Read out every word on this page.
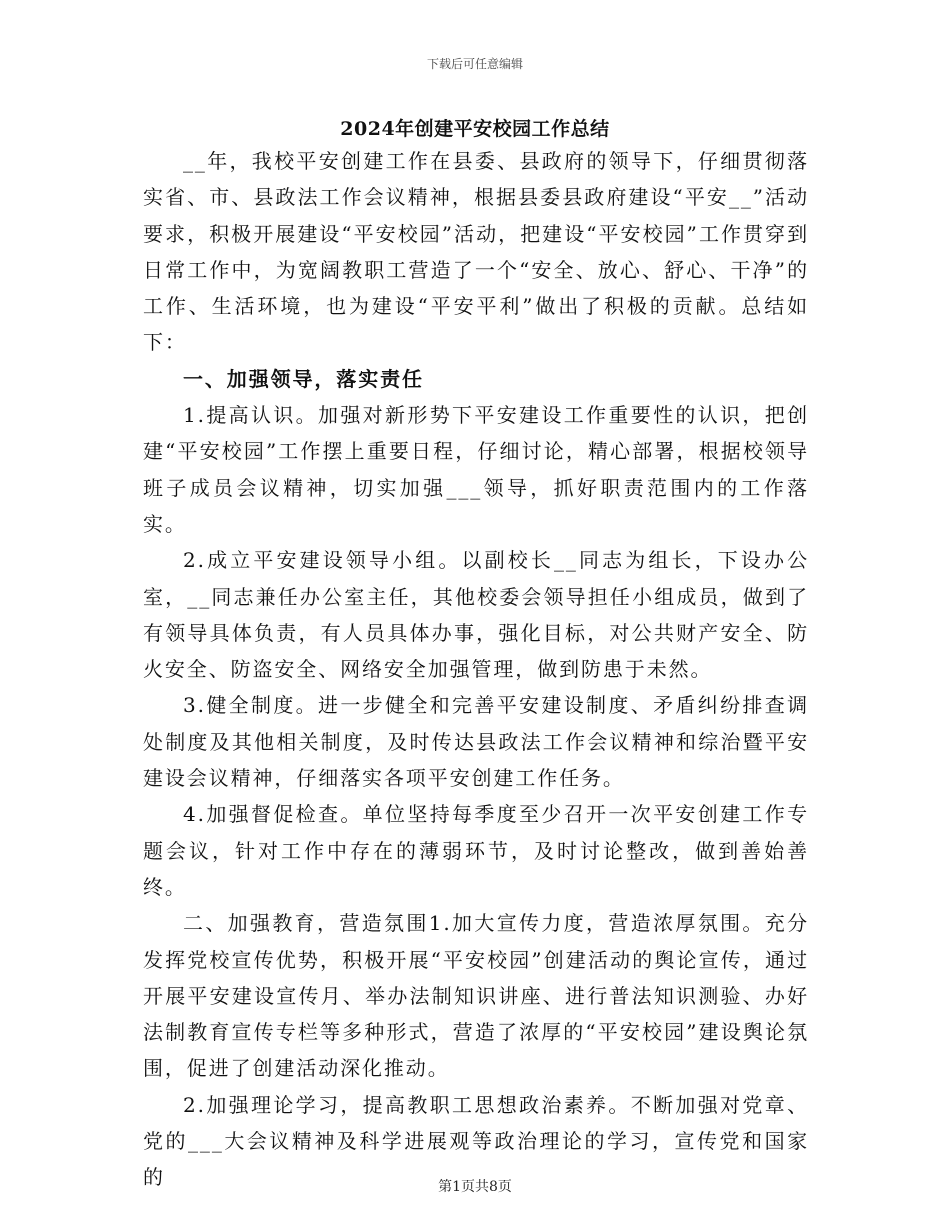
下载后可任意编辑
2024年创建平安校园工作总结

__年，我校平安创建工作在县委、县政府的领导下，仔细贯彻落实省、市、县政法工作会议精神，根据县委县政府建设“平安__”活动要求，积极开展建设“平安校园”活动，把建设“平安校园”工作贯穿到日常工作中，为宽阔教职工营造了一个“安全、放心、舒心、干净”的工作、生活环境，也为建设“平安平利”做出了积极的贡献。总结如下：

一、加强领导，落实责任

1.提高认识。加强对新形势下平安建设工作重要性的认识，把创建“平安校园”工作摆上重要日程，仔细讨论，精心部署，根据校领导班子成员会议精神，切实加强___领导，抓好职责范围内的工作落实。

2.成立平安建设领导小组。以副校长__同志为组长，下设办公室，__同志兼任办公室主任，其他校委会领导担任小组成员，做到了有领导具体负责，有人员具体办事，强化目标，对公共财产安全、防火安全、防盗安全、网络安全加强管理，做到防患于未然。

3.健全制度。进一步健全和完善平安建设制度、矛盾纠纷排查调处制度及其他相关制度，及时传达县政法工作会议精神和综治暨平安建设会议精神，仔细落实各项平安创建工作任务。

4.加强督促检查。单位坚持每季度至少召开一次平安创建工作专题会议，针对工作中存在的薄弱环节，及时讨论整改，做到善始善终。

二、加强教育，营造氛围1.加大宣传力度，营造浓厚氛围。充分发挥党校宣传优势，积极开展“平安校园”创建活动的舆论宣传，通过开展平安建设宣传月、举办法制知识讲座、进行普法知识测验、办好法制教育宣传专栏等多种形式，营造了浓厚的“平安校园”建设舆论氛围，促进了创建活动深化推动。

2.加强理论学习，提高教职工思想政治素养。不断加强对党章、党的___大会议精神及科学进展观等政治理论的学习，宣传党和国家的	第1页共8页
